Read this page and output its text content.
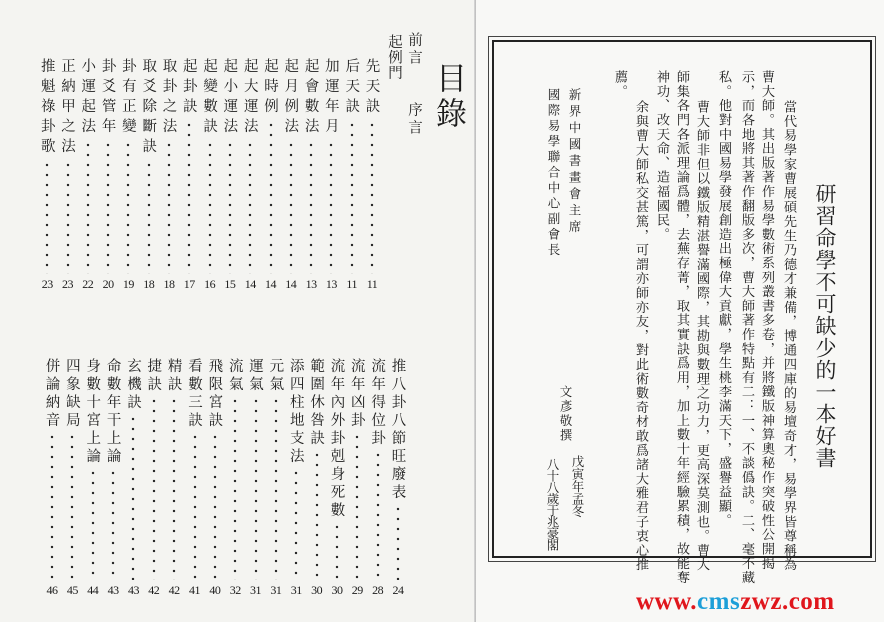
目錄
前言
序言
起例門
先天訣
11
后天訣
11
加運年月
13
起會數法
13
起月例法
14
起時例
14
起大運法
14
起小運法
15
起變數訣
16
起卦訣
17
取卦之法
18
取爻除斷訣
18
卦有正變
19
卦爻管年
20
小運起法
22
正納甲之法
23
推魁祿卦歌
23
推八卦八節旺廢表
24
流年得位卦
28
流年凶卦
29
流年內外卦剋身死數
30
範圍休咎訣
30
添四柱地支法
31
元氣
31
運氣
31
流氣
32
飛限宮訣
40
看數三訣
41
精訣
42
捷訣
42
玄機訣
43
命數年干上論
43
身數十宮上論
44
四象缺局
45
併論納音
46
研習命學不可缺少的一本好書
當代易學家曹展碩先生乃德才兼備，博通四庫的易壇奇才，易學界皆尊稱為
曹大師。其出版著作易學數術系列叢書多卷，并將鐵版神算奧秘作突破性公開揭
示，而各地將其著作翻版多次，曹大師著作特點有二：一、不談僞訣。二、毫不藏
私。他對中國易學發展創造出極偉大貢獻，學生桃李滿天下，盛譽益顯。
曹大師非但以鐵版精湛譽滿國際，其勘與數理之功力，更高深莫測也。曹大
師集各門各派理論爲體，去蕪存菁，取其實訣爲用，加上數十年經驗累積，故能奪
神功、改天命、造福國民。
余與曹大師私交甚篤，可謂亦師亦友，對此術數奇材敢爲諸大雅君子衷心推
薦。
新界中國書畫會主席
國際易學聯合中心副會長
文彥敬撰
戊寅年孟冬
八十八歲于兆豪閣
www.cmszwz.com
